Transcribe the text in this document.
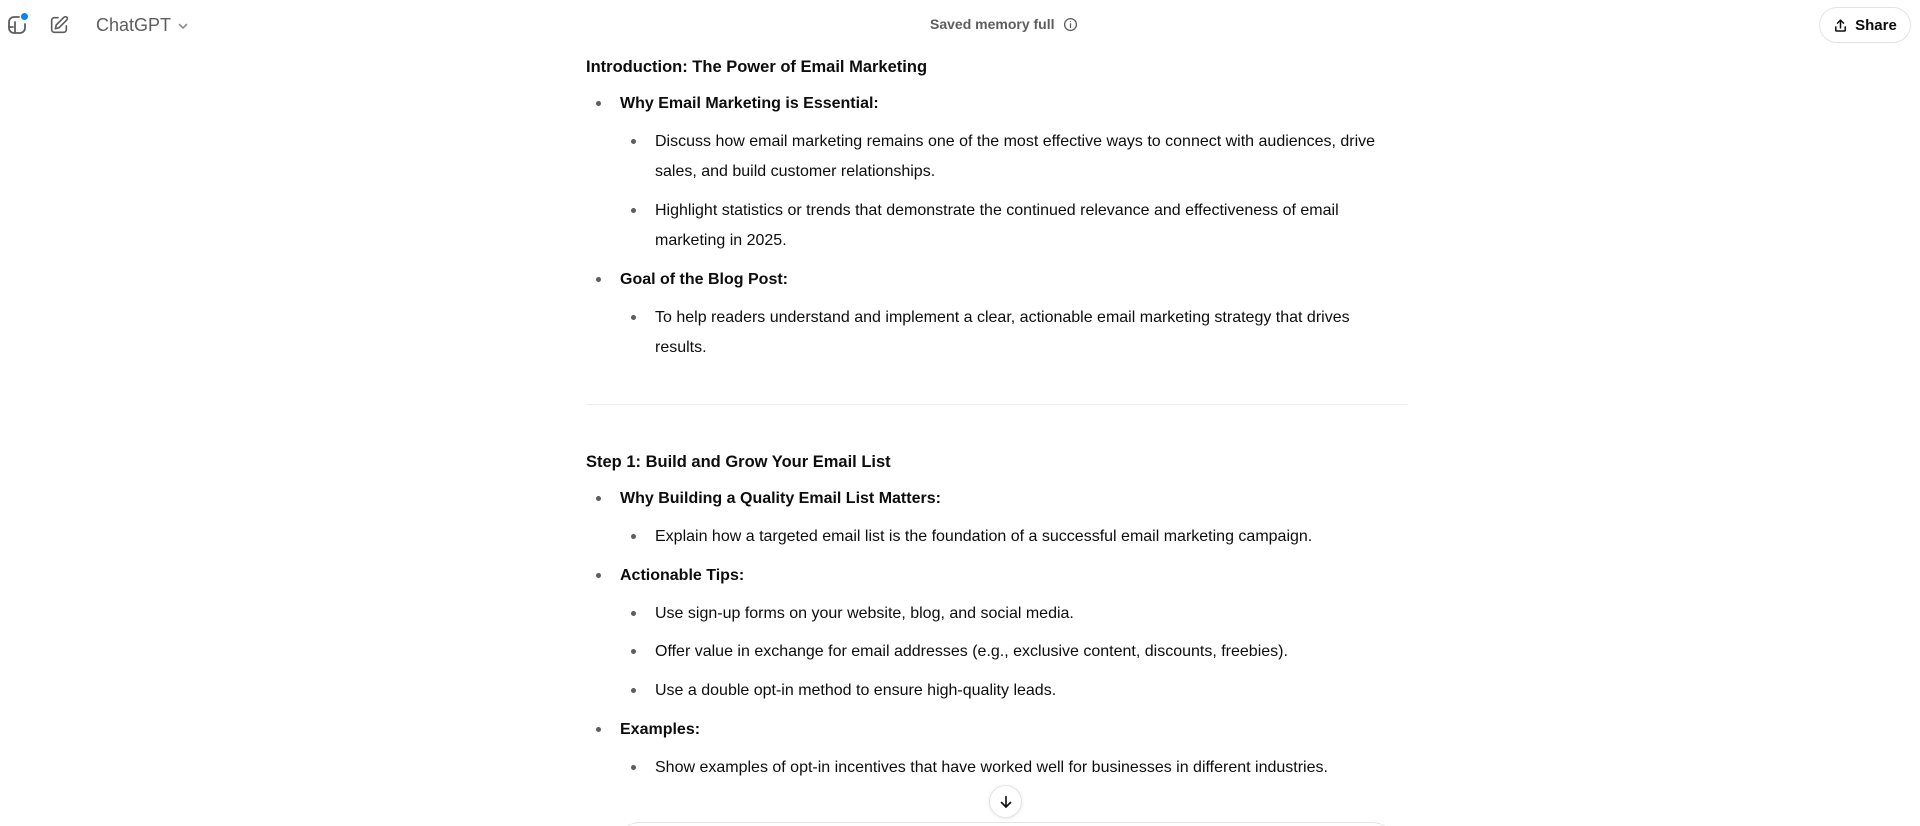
ChatGPT	Saved memory full	Share
Introduction: The Power of Email Marketing
Why Email Marketing is Essential:
Discuss how email marketing remains one of the most effective ways to connect with audiences, drive sales, and build customer relationships.
Highlight statistics or trends that demonstrate the continued relevance and effectiveness of email marketing in 2025.
Goal of the Blog Post:
To help readers understand and implement a clear, actionable email marketing strategy that drives results.
Step 1: Build and Grow Your Email List
Why Building a Quality Email List Matters:
Explain how a targeted email list is the foundation of a successful email marketing campaign.
Actionable Tips:
Use sign-up forms on your website, blog, and social media.
Offer value in exchange for email addresses (e.g., exclusive content, discounts, freebies).
Use a double opt-in method to ensure high-quality leads.
Examples:
Show examples of opt-in incentives that have worked well for businesses in different industries.
